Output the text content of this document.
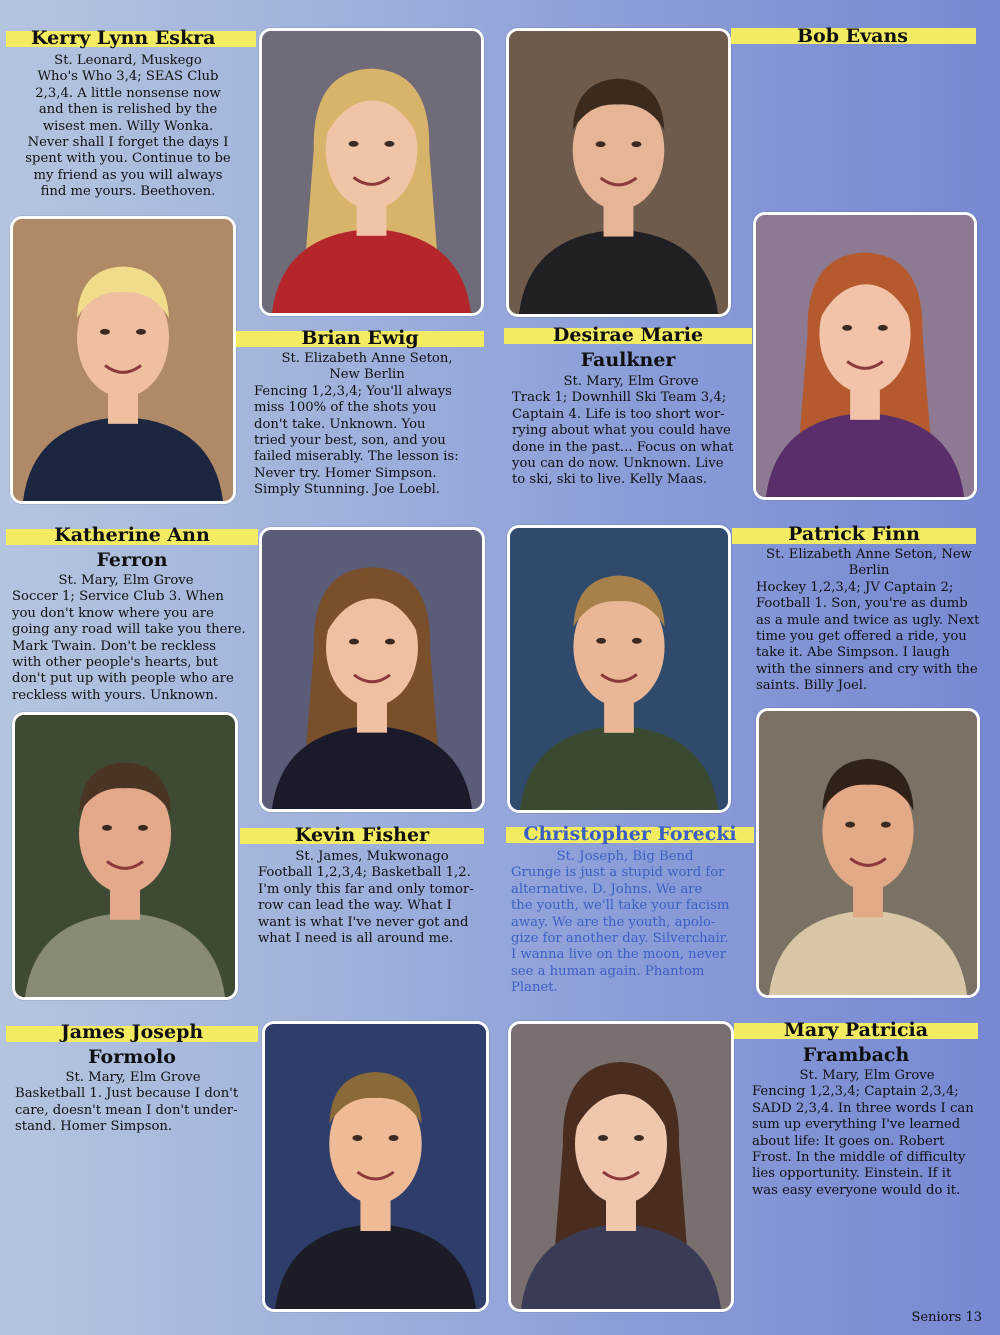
Kerry Lynn Eskra
St. Leonard, Muskego
Who's Who 3,4; SEAS Club
2,3,4. A little nonsense now
and then is relished by the
wisest men. Willy Wonka.
Never shall I forget the days I
spent with you. Continue to be
my friend as you will always
find me yours. Beethoven.
Bob Evans
Brian Ewig
St. Elizabeth Anne Seton,
New Berlin
Fencing 1,2,3,4; You'll always
miss 100% of the shots you
don't take. Unknown. You
tried your best, son, and you
failed miserably. The lesson is:
Never try. Homer Simpson.
Simply Stunning. Joe Loebl.
Desirae Marie
Faulkner
St. Mary, Elm Grove
Track 1; Downhill Ski Team 3,4;
Captain 4. Life is too short wor-
rying about what you could have
done in the past... Focus on what
you can do now. Unknown. Live
to ski, ski to live. Kelly Maas.
Katherine Ann
Ferron
St. Mary, Elm Grove
Soccer 1; Service Club 3. When
you don't know where you are
going any road will take you there.
Mark Twain. Don't be reckless
with other people's hearts, but
don't put up with people who are
reckless with yours. Unknown.
Patrick Finn
St. Elizabeth Anne Seton, New
Berlin
Hockey 1,2,3,4; JV Captain 2;
Football 1. Son, you're as dumb
as a mule and twice as ugly. Next
time you get offered a ride, you
take it. Abe Simpson. I laugh
with the sinners and cry with the
saints. Billy Joel.
Kevin Fisher
St. James, Mukwonago
Football 1,2,3,4; Basketball 1,2.
I'm only this far and only tomor-
row can lead the way. What I
want is what I've never got and
what I need is all around me.
Christopher Forecki
St. Joseph, Big Bend
Grunge is just a stupid word for
alternative. D. Johns. We are
the youth, we'll take your facism
away. We are the youth, apolo-
gize for another day. Silverchair.
I wanna live on the moon, never
see a human again. Phantom
Planet.
James Joseph
Formolo
St. Mary, Elm Grove
Basketball 1. Just because I don't
care, doesn't mean I don't under-
stand. Homer Simpson.
Mary Patricia
Frambach
St. Mary, Elm Grove
Fencing 1,2,3,4; Captain 2,3,4;
SADD 2,3,4. In three words I can
sum up everything I've learned
about life: It goes on. Robert
Frost. In the middle of difficulty
lies opportunity. Einstein. If it
was easy everyone would do it.
Seniors 13
